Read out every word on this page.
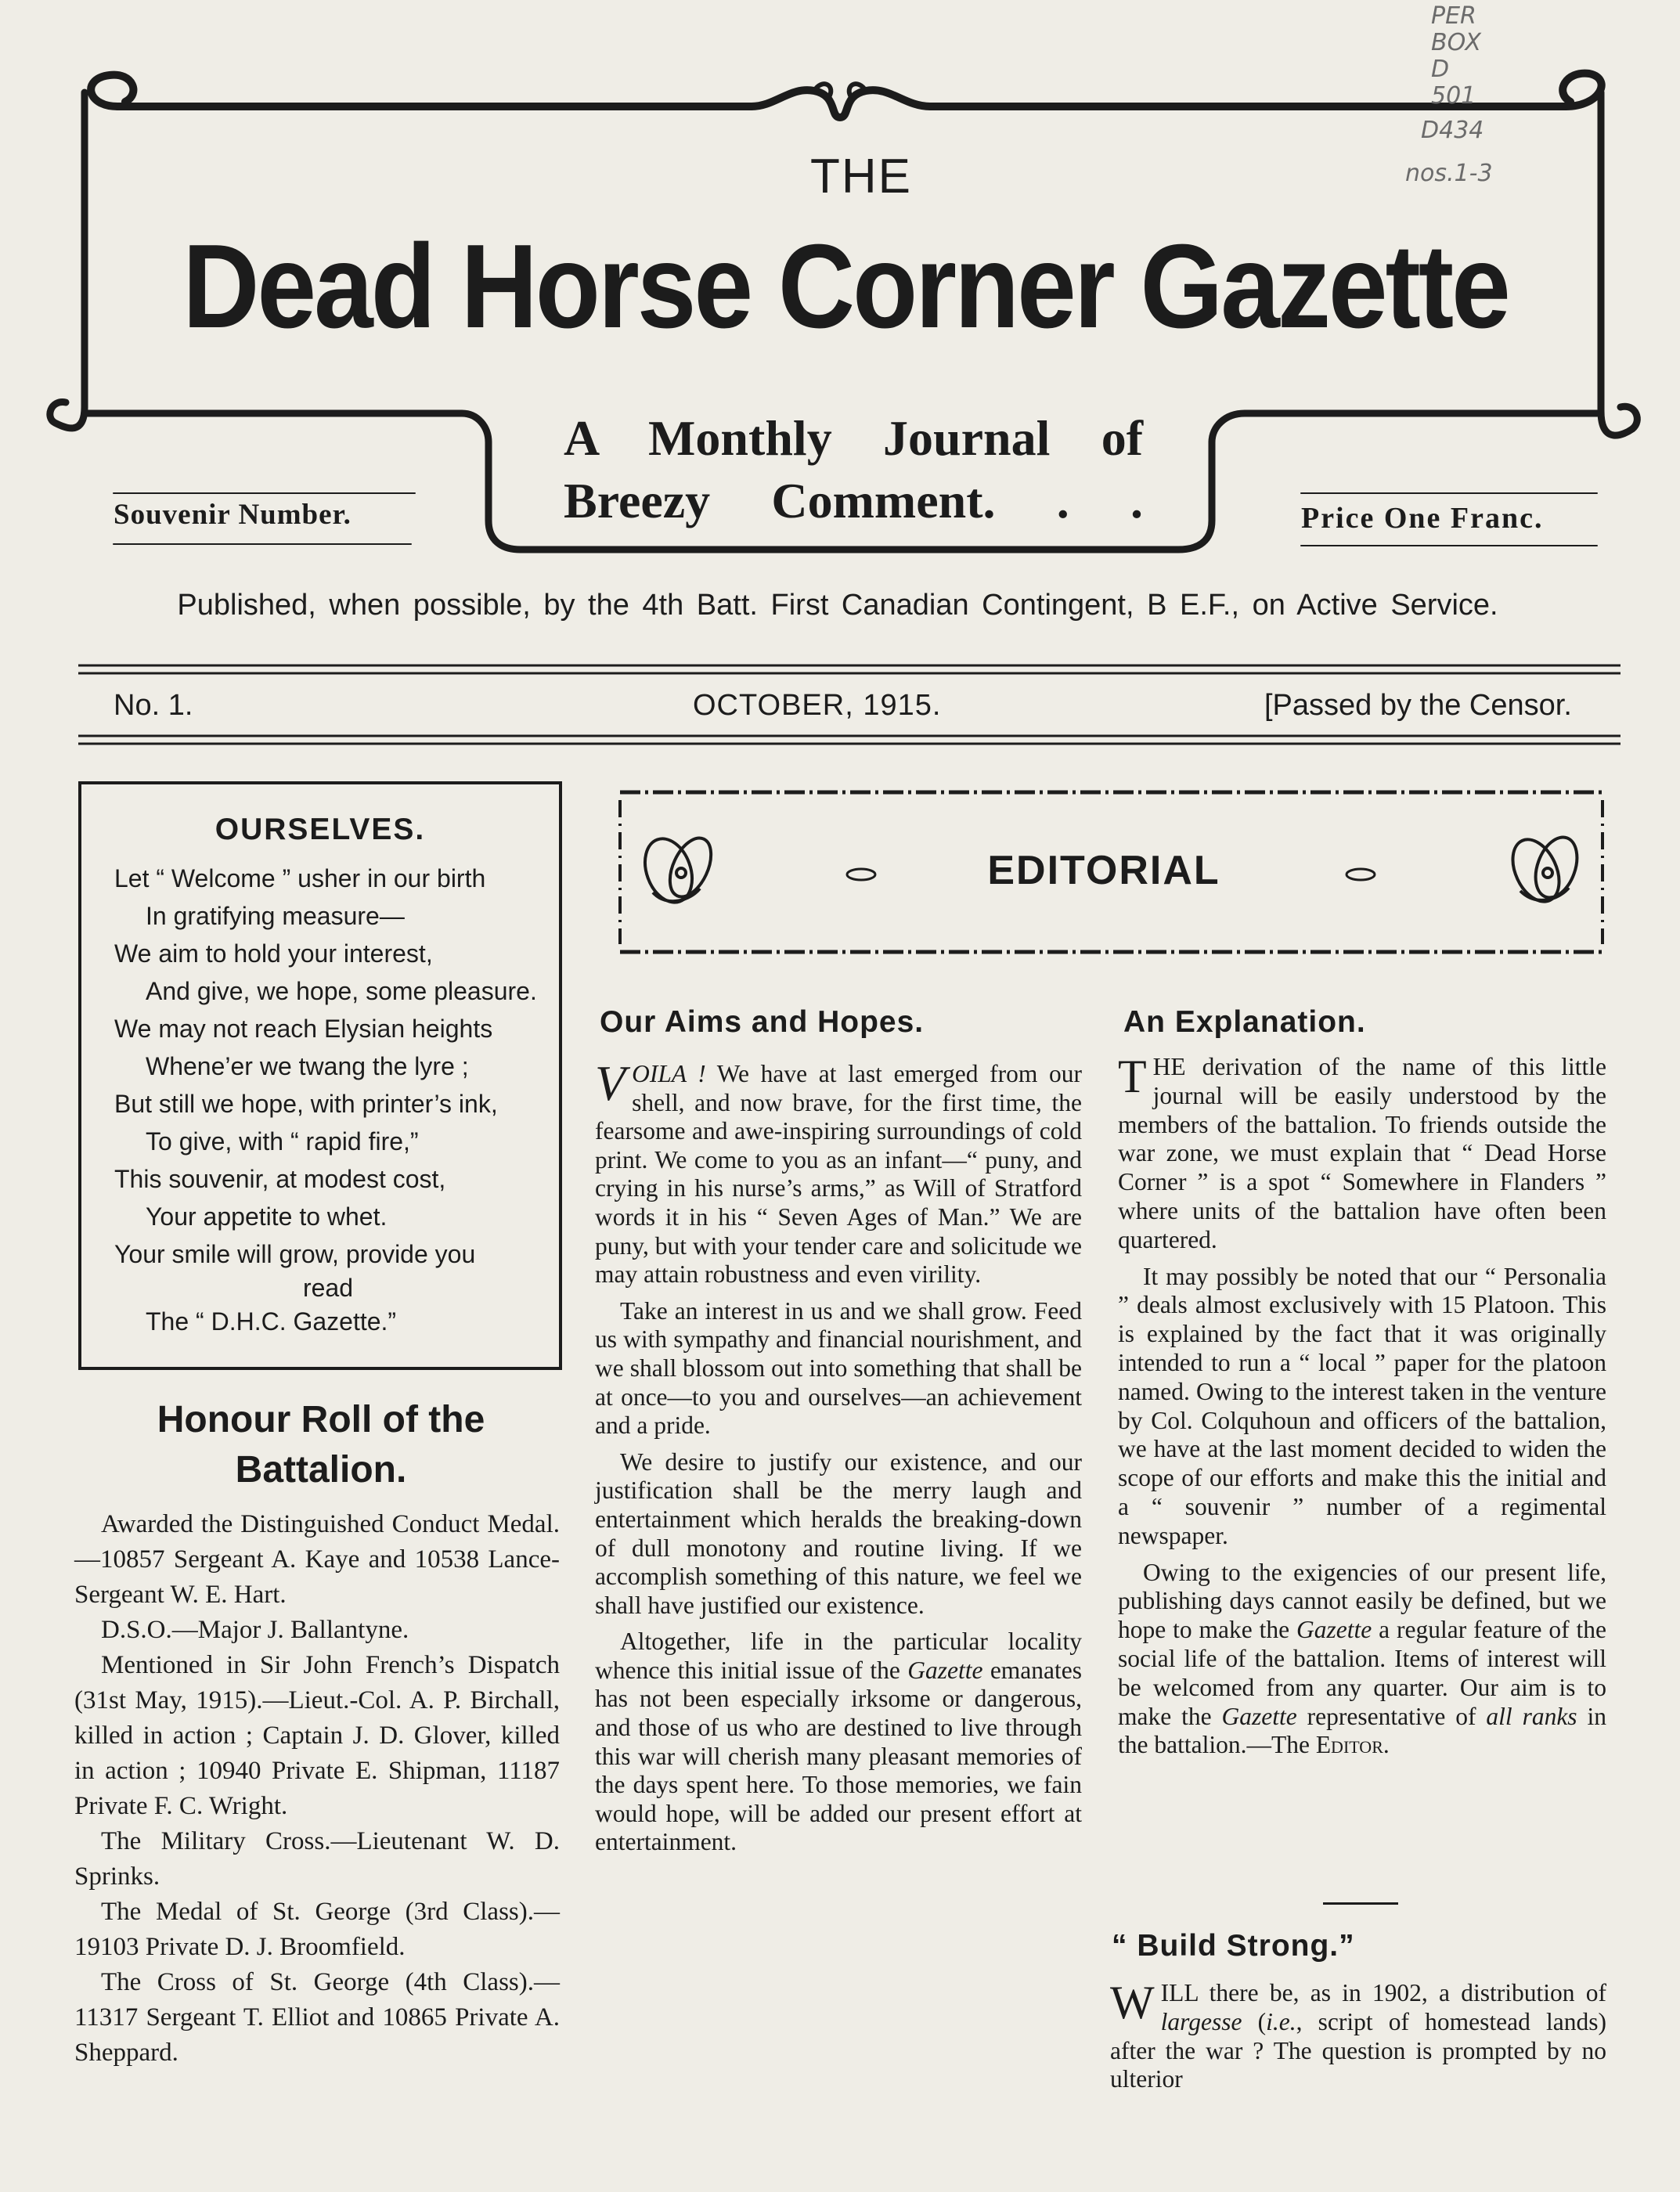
PER
BOX
D
501
D434
nos.1-3
THE
Dead Horse Corner Gazette
A Monthly Journal of
Breezy Comment. . .
Souvenir Number.	Price One Franc.
Published, when possible, by the 4th Batt. First Canadian Contingent, B E.F., on Active Service.
No. 1.	OCTOBER, 1915.	[Passed by the Censor.
OURSELVES.
Let “ Welcome ” usher in our birth
In gratifying measure—
We aim to hold your interest,
And give, we hope, some pleasure.
We may not reach Elysian heights
Whene’er we twang the lyre ;
But still we hope, with printer’s ink,
To give, with “ rapid fire,”
This souvenir, at modest cost,
Your appetite to whet.
Your smile will grow, provide you
read
The “ D.H.C. Gazette.”
Honour Roll of the
Battalion.

Awarded the Distinguished Conduct Medal.—10857 Sergeant A. Kaye and 10538 Lance-Sergeant W. E. Hart.

D.S.O.—Major J. Ballantyne.

Mentioned in Sir John French’s Dispatch (31st May, 1915).—Lieut.-Col. A. P. Birchall, killed in action ; Captain J. D. Glover, killed in action ; 10940 Private E. Shipman, 11187 Private F. C. Wright.

The Military Cross.—Lieutenant W. D. Sprinks.

The Medal of St. George (3rd Class).—19103 Private D. J. Broomfield.

The Cross of St. George (4th Class).—11317 Sergeant T. Elliot and 10865 Private A. Sheppard.

EDITORIAL
Our Aims and Hopes.

VOILA ! We have at last emerged from our shell, and now brave, for the first time, the fearsome and awe-inspiring surroundings of cold print. We come to you as an infant—“ puny, and crying in his nurse’s arms,” as Will of Stratford words it in his “ Seven Ages of Man.” We are puny, but with your tender care and solicitude we may attain robustness and even virility.

Take an interest in us and we shall grow. Feed us with sympathy and financial nourishment, and we shall blossom out into something that shall be at once—to you and ourselves—an achievement and a pride.

We desire to justify our existence, and our justification shall be the merry laugh and entertainment which heralds the breaking-down of dull monotony and routine living. If we accomplish something of this nature, we feel we shall have justified our existence.

Altogether, life in the particular locality whence this initial issue of the Gazette emanates has not been especially irksome or dangerous, and those of us who are destined to live through this war will cherish many pleasant memories of the days spent here. To those memories, we fain would hope, will be added our present effort at entertainment.

An Explanation.

THE derivation of the name of this little journal will be easily understood by the members of the battalion. To friends outside the war zone, we must explain that “ Dead Horse Corner ” is a spot “ Somewhere in Flanders ” where units of the battalion have often been quartered.

It may possibly be noted that our “ Personalia ” deals almost exclusively with 15 Platoon. This is explained by the fact that it was originally intended to run a “ local ” paper for the platoon named. Owing to the interest taken in the venture by Col. Colquhoun and officers of the battalion, we have at the last moment decided to widen the scope of our efforts and make this the initial and a “ souvenir ” number of a regimental newspaper.

Owing to the exigencies of our present life, publishing days cannot easily be defined, but we hope to make the Gazette a regular feature of the social life of the battalion. Items of interest will be welcomed from any quarter. Our aim is to make the Gazette representative of all ranks in the battalion.—The Editor.

“ Build Strong.”

WILL there be, as in 1902, a distribution of largesse (i.e., script of homestead lands) after the war ? The question is prompted by no ulterior
